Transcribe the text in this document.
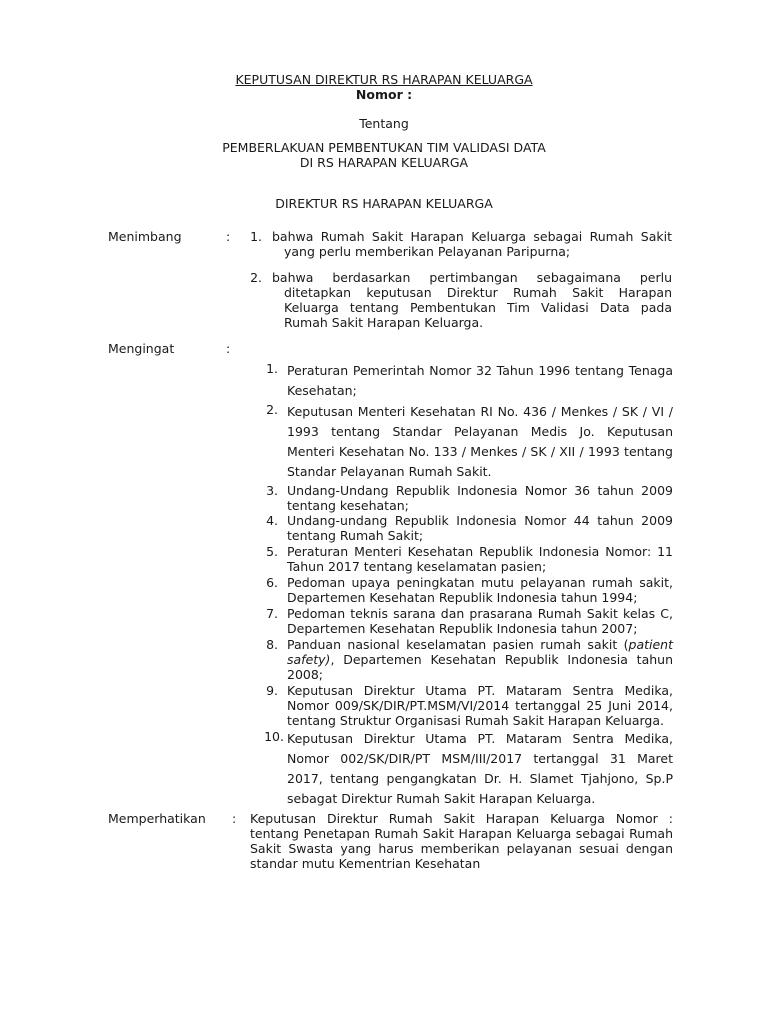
KEPUTUSAN DIREKTUR RS HARAPAN KELUARGA
Nomor :
Tentang
PEMBERLAKUAN PEMBENTUKAN TIM VALIDASI DATA
DI RS HARAPAN KELUARGA
DIREKTUR RS HARAPAN KELUARGA
Menimbang	:	1. bahwa Rumah Sakit Harapan Keluarga sebagai Rumah Sakit yang perlu memberikan Pelayanan Paripurna;
2. bahwa berdasarkan pertimbangan sebagaimana perlu ditetapkan keputusan Direktur Rumah Sakit Harapan Keluarga tentang Pembentukan Tim Validasi Data pada Rumah Sakit Harapan Keluarga.
Mengingat	:
1. Peraturan Pemerintah Nomor 32 Tahun 1996 tentang Tenaga Kesehatan;
2. Keputusan Menteri Kesehatan RI No. 436 / Menkes / SK / VI / 1993 tentang Standar Pelayanan Medis Jo. Keputusan Menteri Kesehatan No. 133 / Menkes / SK / XII / 1993 tentang Standar Pelayanan Rumah Sakit.
3. Undang-Undang Republik Indonesia Nomor 36 tahun 2009 tentang kesehatan;
4. Undang-undang Republik Indonesia Nomor 44 tahun 2009 tentang Rumah Sakit;
5. Peraturan Menteri Kesehatan Republik Indonesia Nomor: 11 Tahun 2017 tentang keselamatan pasien;
6. Pedoman upaya peningkatan mutu pelayanan rumah sakit, Departemen Kesehatan Republik Indonesia tahun 1994;
7. Pedoman teknis sarana dan prasarana Rumah Sakit kelas C, Departemen Kesehatan Republik Indonesia tahun 2007;
8. Panduan nasional keselamatan pasien rumah sakit (patient safety), Departemen Kesehatan Republik Indonesia tahun 2008;
9. Keputusan Direktur Utama PT. Mataram Sentra Medika, Nomor 009/SK/DIR/PT.MSM/VI/2014 tertanggal 25 Juni 2014, tentang Struktur Organisasi Rumah Sakit Harapan Keluarga.
10. Keputusan Direktur Utama PT. Mataram Sentra Medika, Nomor 002/SK/DIR/PT MSM/III/2017 tertanggal 31 Maret 2017, tentang pengangkatan Dr. H. Slamet Tjahjono, Sp.P sebagat Direktur Rumah Sakit Harapan Keluarga.
Memperhatikan : Keputusan Direktur Rumah Sakit Harapan Keluarga Nomor : tentang Penetapan Rumah Sakit Harapan Keluarga sebagai Rumah Sakit Swasta yang harus memberikan pelayanan sesuai dengan standar mutu Kementrian Kesehatan
